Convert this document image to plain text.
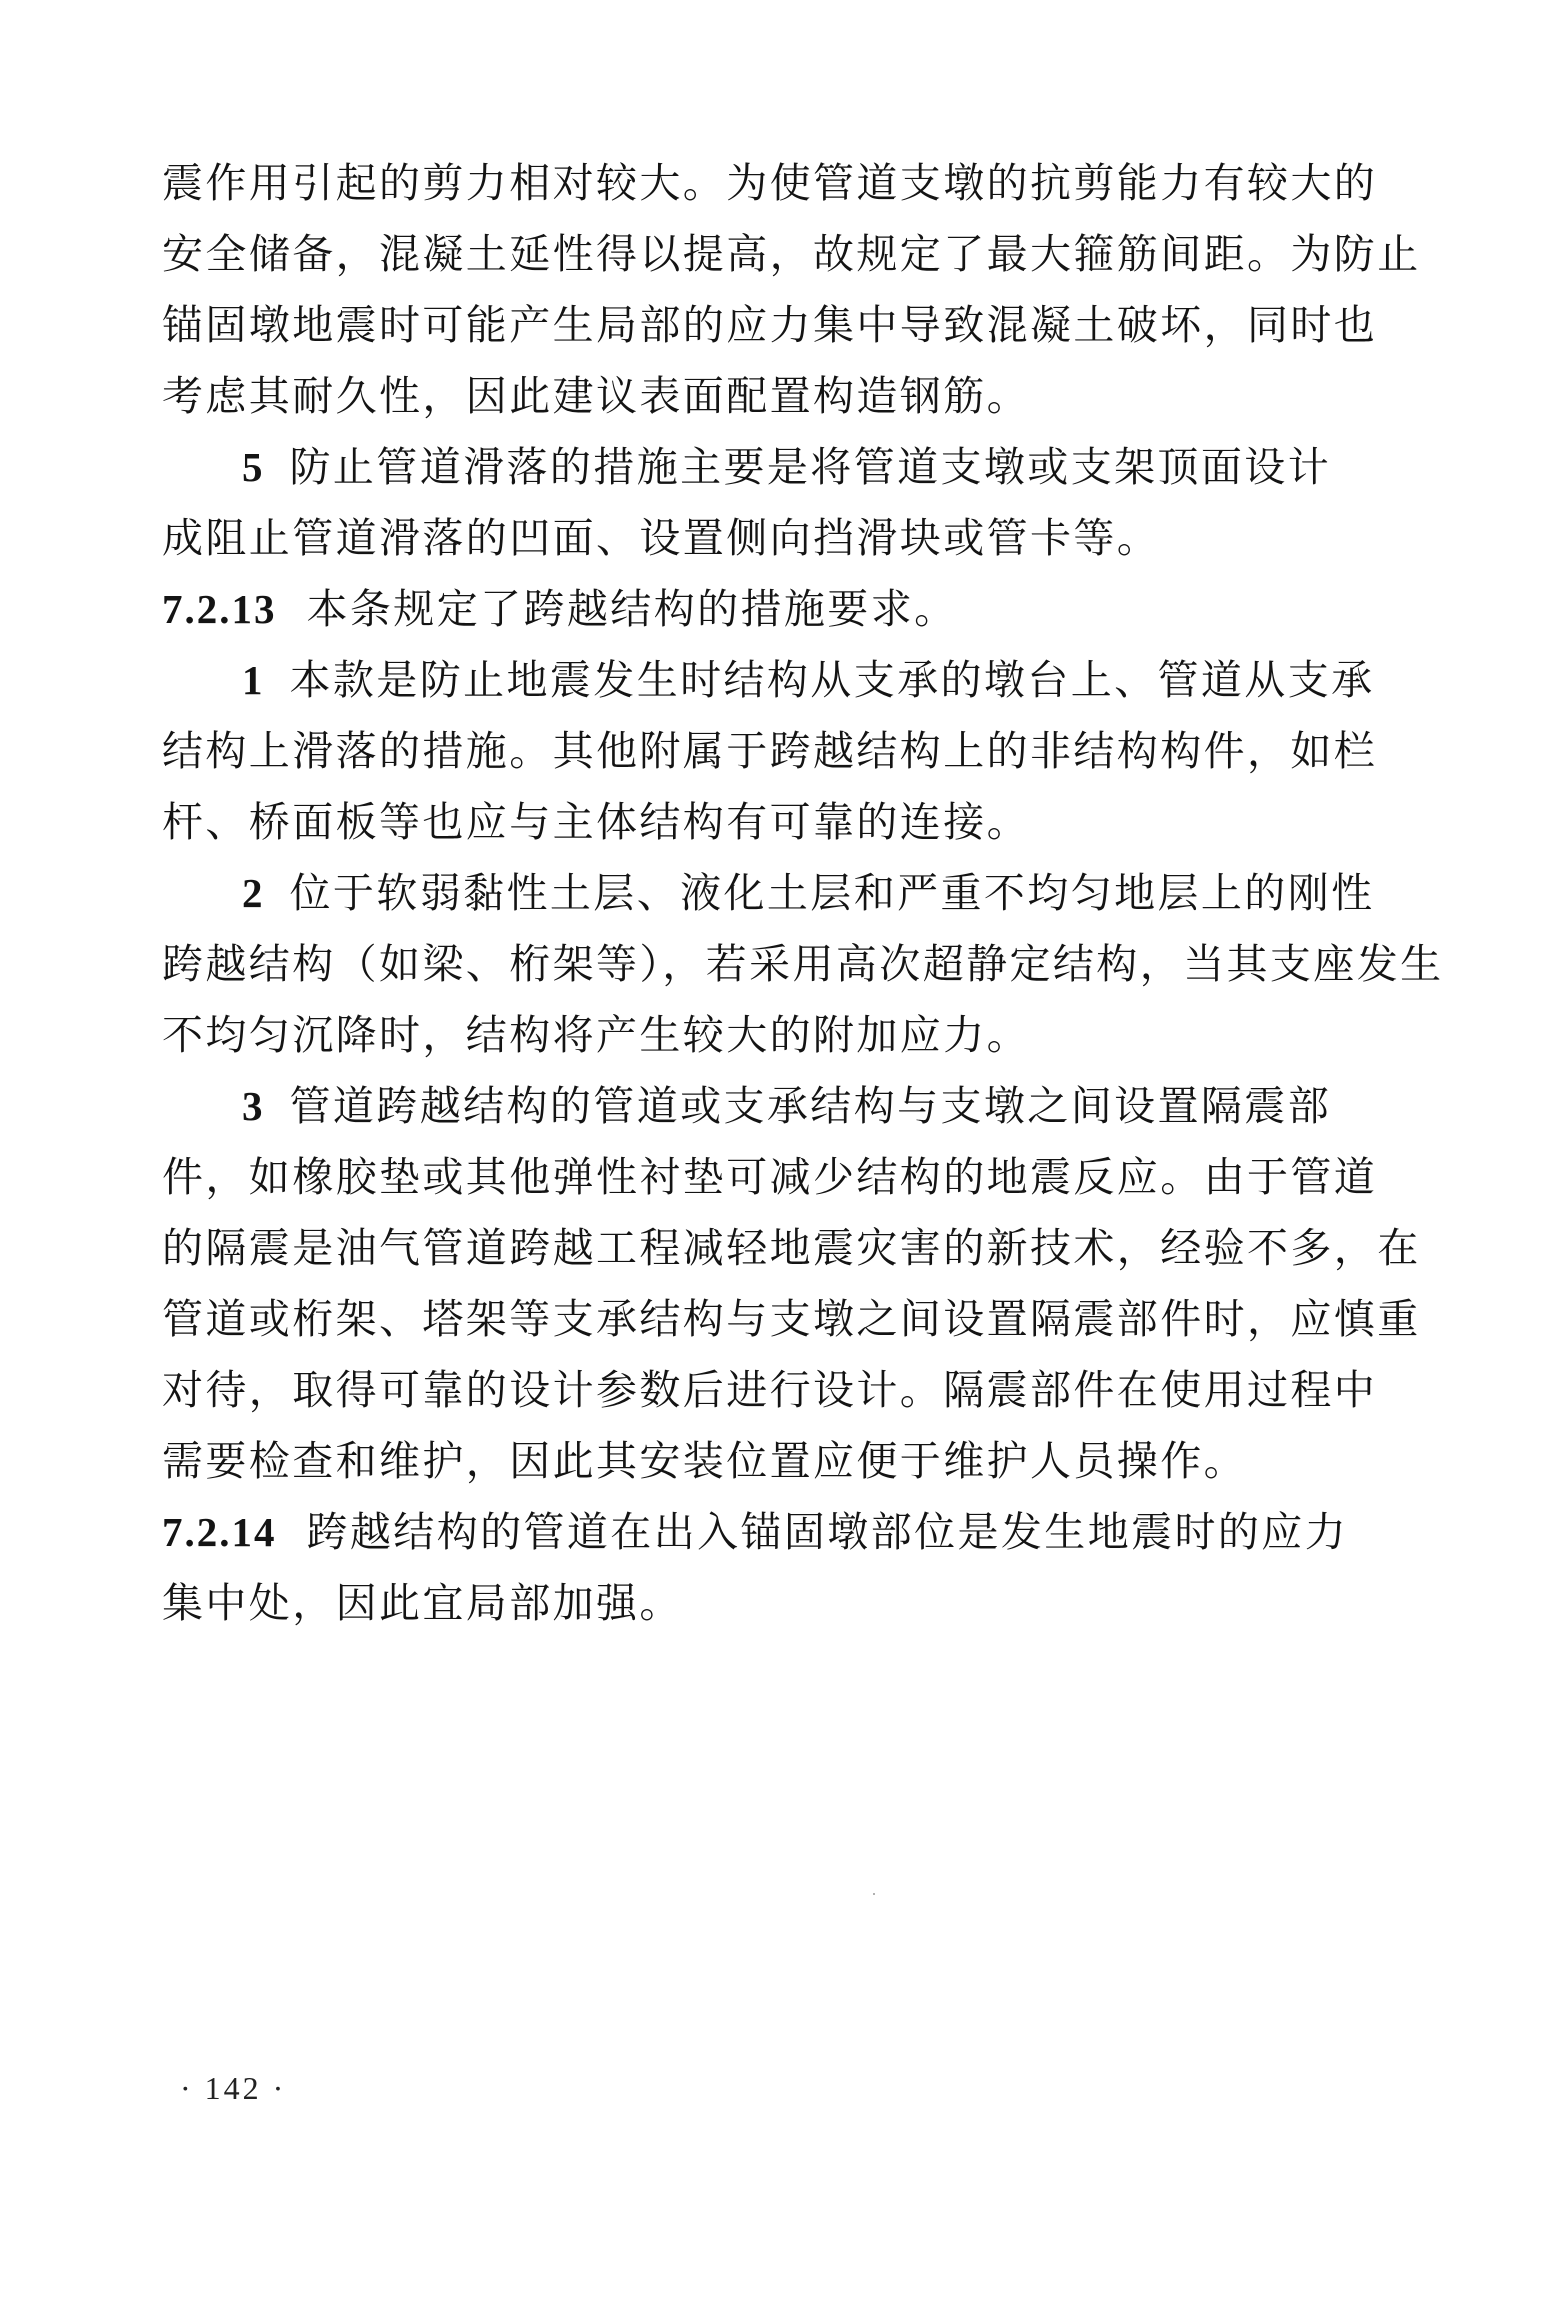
震作用引起的剪力相对较大。为使管道支墩的抗剪能力有较大的
安全储备，混凝土延性得以提高，故规定了最大箍筋间距。为防止
锚固墩地震时可能产生局部的应力集中导致混凝土破坏，同时也
考虑其耐久性，因此建议表面配置构造钢筋。
5 防止管道滑落的措施主要是将管道支墩或支架顶面设计
成阻止管道滑落的凹面、设置侧向挡滑块或管卡等。
7.2.13 本条规定了跨越结构的措施要求。
1 本款是防止地震发生时结构从支承的墩台上、管道从支承
结构上滑落的措施。其他附属于跨越结构上的非结构构件，如栏
杆、桥面板等也应与主体结构有可靠的连接。
2 位于软弱黏性土层、液化土层和严重不均匀地层上的刚性
跨越结构（如梁、桁架等），若采用高次超静定结构，当其支座发生
不均匀沉降时，结构将产生较大的附加应力。
3 管道跨越结构的管道或支承结构与支墩之间设置隔震部
件，如橡胶垫或其他弹性衬垫可减少结构的地震反应。由于管道
的隔震是油气管道跨越工程减轻地震灾害的新技术，经验不多，在
管道或桁架、塔架等支承结构与支墩之间设置隔震部件时，应慎重
对待，取得可靠的设计参数后进行设计。隔震部件在使用过程中
需要检查和维护，因此其安装位置应便于维护人员操作。
7.2.14 跨越结构的管道在出入锚固墩部位是发生地震时的应力
集中处，因此宜局部加强。
· 142 ·
